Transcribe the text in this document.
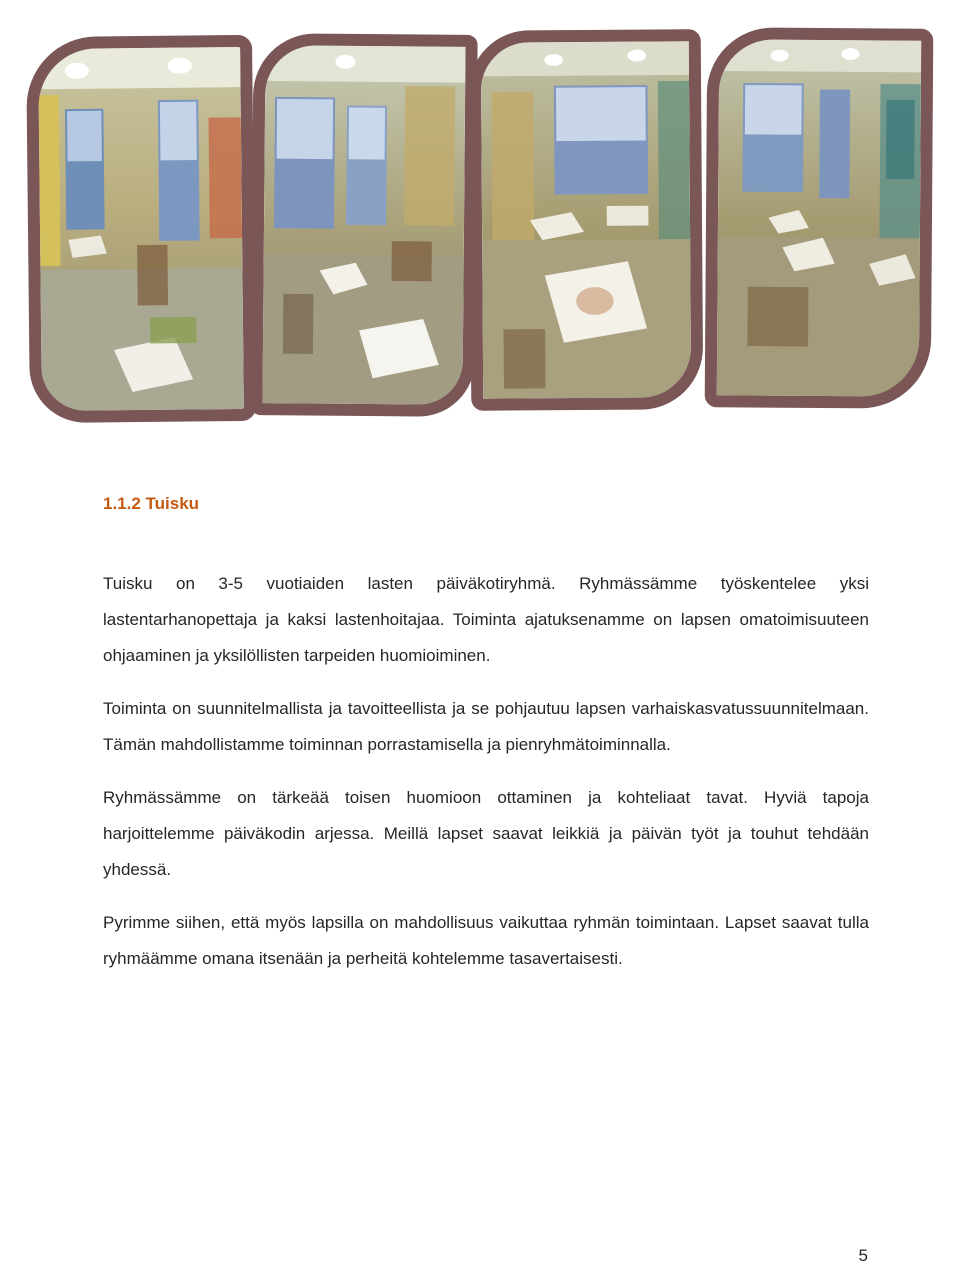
1.1.2 Tuisku

Tuisku on 3-5 vuotiaiden lasten päiväkotiryhmä. Ryhmässämme työskentelee yksi lastentarhanopettaja ja kaksi lastenhoitajaa. Toiminta ajatuksenamme on lapsen omatoimisuuteen ohjaaminen ja yksilöllisten tarpeiden huomioiminen.

Toiminta on suunnitelmallista ja tavoitteellista ja se pohjautuu lapsen varhaiskasvatussuunnitelmaan. Tämän mahdollistamme toiminnan porrastamisella ja pienryhmätoiminnalla.

Ryhmässämme on tärkeää toisen huomioon ottaminen ja kohteliaat tavat. Hyviä tapoja harjoittelemme päiväkodin arjessa. Meillä lapset saavat leikkiä ja päivän työt ja touhut tehdään yhdessä.

Pyrimme siihen, että myös lapsilla on mahdollisuus vaikuttaa ryhmän toimintaan. Lapset saavat tulla ryhmäämme omana itsenään ja perheitä kohtelemme tasavertaisesti.

5
